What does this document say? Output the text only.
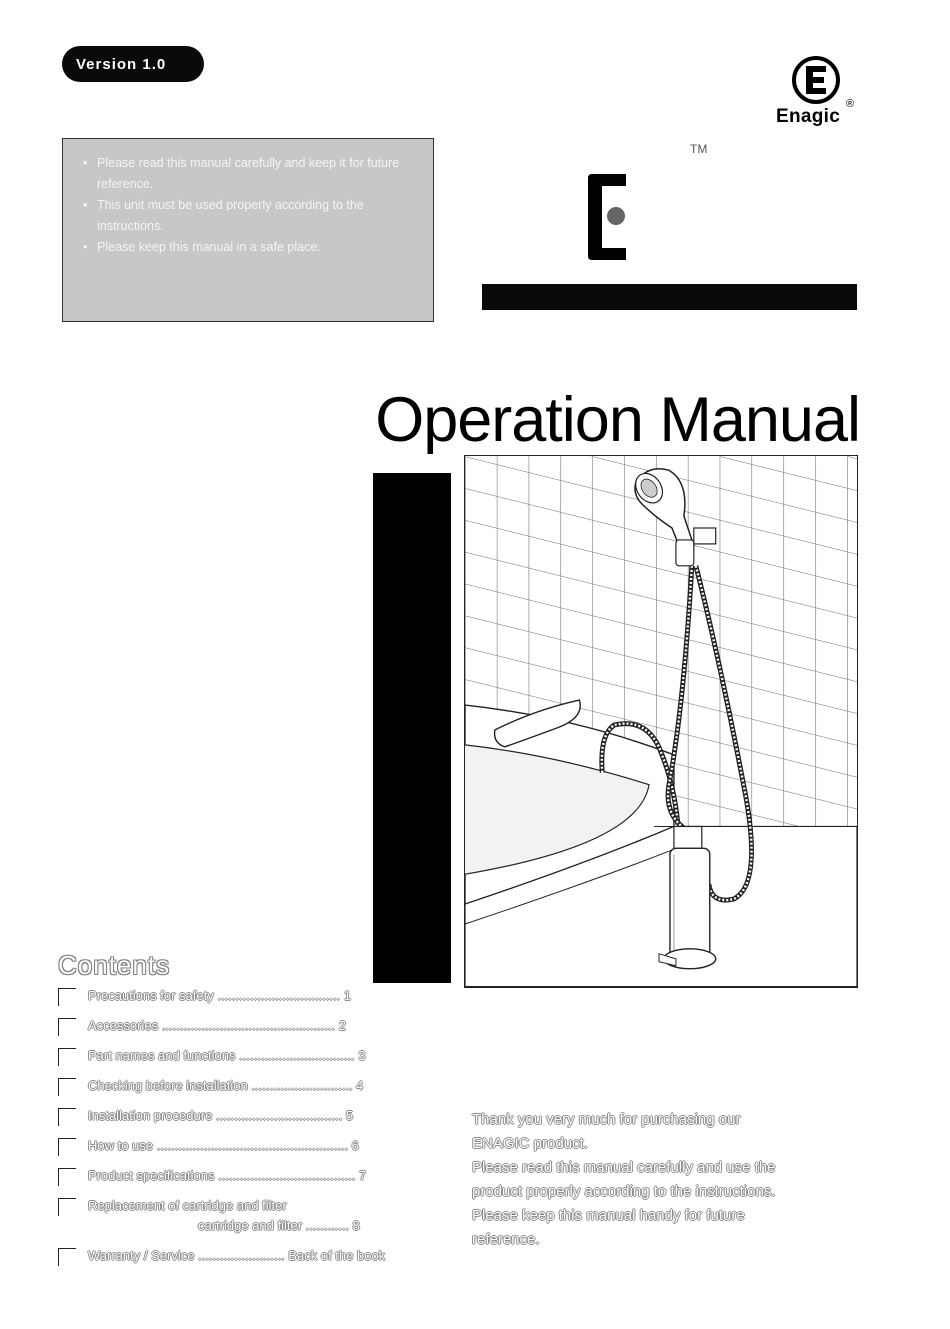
Version 1.0
Enagic
®
• Please read this manual carefully and keep it for future reference.
• This unit must be used properly according to the instructions.
• Please keep this manual in a safe place.
TM
Operation Manual
Contents
Precautions for safety .................................. 1
Accessories ................................................ 2
Part names and functions ................................ 3
Checking before installation ............................ 4
Installation procedure ................................... 5
How to use ..................................................... 6
Product specifications ...................................... 7
Replacement of cartridge and filter
cartridge and filter ............ 8
Warranty / Service ........................ Back of the book
Thank you very much for purchasing our
ENAGIC product.
Please read this manual carefully and use the
product properly according to the instructions.
Please keep this manual handy for future
reference.
